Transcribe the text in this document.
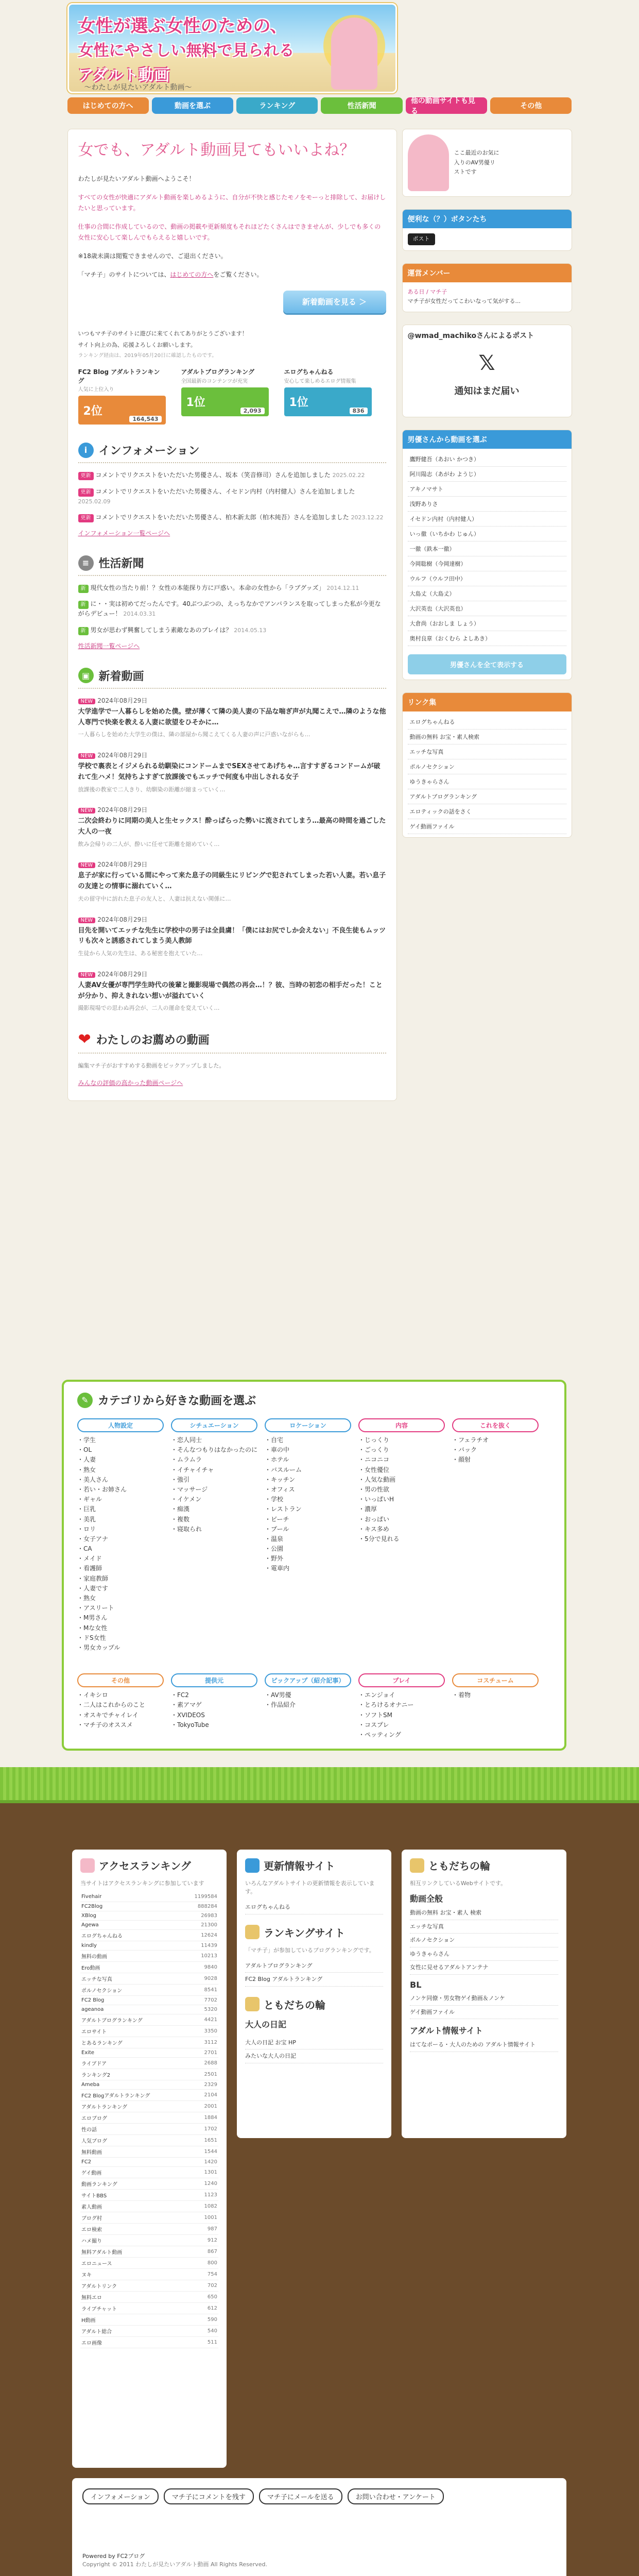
女性が選ぶ女性のための、
女性にやさしい無料で見られる
アダルト動画
〜わたしが見たいアダルト動画〜
はじめての方へ	動画を選ぶ	ランキング	性活新聞
他の動画サイトも見る
その他
女でも、アダルト動画見てもいいよね？

わたしが見たいアダルト動画へようこそ！

すべての女性が快適にアダルト動画を楽しめるように、自分が不快と感じたモノをモーっと排除して、お届けしたいと思っています。

仕事の合間に作成しているので、動画の掲載や更新頻度もそれほどたくさんはできませんが、少しでも多くの女性に安心して楽しんでもらえると嬉しいです。

※18歳未満は閲覧できませんので、ご退出ください。

「マチ子」のサイトについては、はじめての方へをご覧ください。

新着動画を見る ＞

いつもマチ子のサイトに遊びに来てくれてありがとうございます！

サイト向上の為、応援よろしくお願いします。

ランキング経由は、2019年05月20日に確認したものです。

FC2 Blog アダルトランキング
人気に上位入り
2位
164,543
アダルトブログランキング
全国最新のコンテンツが充実
1位
2,093
エログちゃんねる
安心して楽しめるエログ情報集
1位
836
i	インフォメーション
更新 コメントでリクエストをいただいた男優さん、坂本（笑音修司）さんを追加しました 2025.02.22
更新 コメントでリクエストをいただいた男優さん、イセドン内村（内村健人）さんを追加しました 2025.02.09
更新 コメントでリクエストをいただいた男優さん、柏木新太郎（柏木純吾）さんを追加しました 2023.12.22
インフォメーション一覧ページへ
≡ 性活新聞
新 現代女性の当たり前！？女性の本能探り方に戸惑い。本命の女性から「ラブグッズ」 2014.12.11
新 に・・実は初めてだったんです。40ぶつぶつの、えっちなかでアンバランスを取ってしまった私が今更ながらデビュー！ 2014.03.31
新 男女が思わず興奮してしまう素敵なあのプレイは？ 2014.05.13
性活新聞一覧ページへ
▣ 新着動画
NEW 2024年08月29日
大学進学で一人暮らしを始めた僕。壁が薄くて隣の美人妻の下品な喘ぎ声が丸聞こえで…隣のような他人専門で快楽を教える人妻に欲望をひそかに…
一人暮らしを始めた大学生の僕は、隣の部屋から聞こえてくる人妻の声に戸惑いながらも…
NEW 2024年08月29日
学校で裏表とイジメられる幼馴染にコンドームまでSEXさせてあげちゃ…言すすぎるコンドームが破れて生ハメ！気持ちよすぎて放課後でもエッチで何度も中出しされる女子
放課後の教室で二人きり、幼馴染の距離が縮まっていく…
NEW 2024年08月29日
二次会終わりに同期の美人と生セックス！酔っぱらった勢いに流されてしまう…最高の時間を過ごした大人の一夜
飲み会帰りの二人が、酔いに任せて距離を縮めていく…
NEW 2024年08月29日
息子が家に行っている間にやって来た息子の同級生にリビングで犯されてしまった若い人妻。若い息子の友達との情事に溺れていく…
夫の留守中に訪れた息子の友人と、人妻は抗えない関係に…
NEW 2024年08月29日
目先を開いてエッチな先生に学校中の男子は全員虜！「僕にはお尻でしか会えない」不良生徒もムッツリも次々と誘惑されてしまう美人教師
生徒から人気の先生は、ある秘密を抱えていた…
NEW 2024年08月29日
人妻AV女優が専門学生時代の後輩と撮影現場で偶然の再会…！？彼、当時の初恋の相手だった！ことが分かり、抑えきれない想いが溢れていく
撮影現場での思わぬ再会が、二人の運命を変えていく…
❤ わたしのお薦めの動画

編集マチ子がおすすめする動画をピックアップしました。

みんなの評価の高かった動画ページへ
ここ最近のお気に入りのAV男優リストです
便利な（？）ボタンたち
ポスト
運営メンバー
ある日 / マチ子
マチ子が女性だってこわいなって気がする...
@wmad_machikoさんによるポスト
𝕏
通知はまだ届い
男優さんから動画を選ぶ
鷹野健吾（あおい かつき）
阿川陽志（あがわ ようじ）
アキノマサト
浅野ありさ
イセドン内村（内村健人）
いっ徹（いちかわ じゅん）
一徹（鉄本一徹）
今岡聡樹（今岡達樹）
ウルフ（ウルフ田中）
大島丈（大島丈）
大沢英也（大沢英也）
大倉尚（おおしま しょう）
奥村良章（おくむら よしあき）
男優さんを全て表示する
リンク集
エログちゃんねる
動画の無料 お宝・素人検索
エッチな写真
ポルノセクション
ゆうきゃらさん
アダルトブログランキング
エロティックの話をさく
ゲイ動画ファイル
✎ カテゴリから好きな動画を選ぶ
人物設定
・学生
・OL
・人妻
・熟女
・美人さん
・若い・お姉さん
・ギャル
・巨乳
・美乳
・ロリ
・女子アナ
・CA
・メイド
・看護師
・家庭教師
・人妻です
・熟女
・アスリート
・M男さん
・Mな女性
・ドS女性
・男女カップル
シチュエーション
・恋人同士
・そんなつもりはなかったのに
・ムラムラ
・イチャイチャ
・強引
・マッサージ
・イケメン
・痴漢
・複数
・寝取られ
ロケーション
・自宅
・車の中
・ホテル
・バスルーム
・キッチン
・オフィス
・学校
・レストラン
・ビーチ
・プール
・温泉
・公園
・野外
・電車内
内容
・じっくり
・ごっくり
・ニコニコ
・女性優位
・人気な動画
・男の性欲
・いっぱいH
・濃厚
・おっぱい
・キス多め
・5分で見れる
これを抜く
・フェラチオ
・バック
・顔射
その他
・イキシロ
・二人はこれからのこと
・オスキでチャイレイ
・マチ子のオススメ
提供元
・FC2
・素アマゲ
・XVIDEOS
・TokyoTube
ピックアップ（紹介記事）
・AV男優
・作品紹介
プレイ
・エンジョイ
・とろけるオナニー
・ソフトSM
・コスプレ
・ペッティング
コスチューム
・着物
アクセスランキング
当サイトはアクセスランキングに参加しています
Fivehair	1199584
FC2Blog	888284
XBlog	26983
Agewa	21300
エログちゃんねる	12624
kindly	11439
無料の動画	10213
Ero動画	9840
エッチな写真	9028
ポルノセクション	8541
FC2 Blog	7702
ageanoa	5320
アダルトブログランキング	4421
エロサイト	3350
とあるランキング	3112
Exite	2701
ライブドア	2688
ランキング2	2501
Ameba	2329
FC2 Blogアダルトランキング	2104
アダルトランキング	2001
エロブログ	1884
性の話	1702
人気ブログ	1651
無料動画	1544
FC2	1420
ゲイ動画	1301
動画ランキング	1240
サイトBBS	1123
素人動画	1082
ブログ村	1001
エロ検索	987
ハメ撮り	912
無料アダルト動画	867
エロニュース	800
ヌキ	754
アダルトリンク	702
無料エロ	650
ライブチャット	612
H動画	590
アダルト総合	540
エロ画像	511
更新情報サイト
いろんなアダルトサイトの更新情報を表示しています。
エログちゃんねる
ランキングサイト
「マチ子」が参加しているブログランキングです。
アダルトブログランキング
FC2 Blog アダルトランキング
ともだちの輪
大人の日記
大人の日記 お宝 HP
みたいな大人の日記
ともだちの輪
相互リンクしているWebサイトです。
動画全般
動画の無料 お宝・素人 検索
エッチな写真
ポルノセクション
ゆうきゃらさん
女性に見せるアダルトアンテナ
BL
ノンケ同僚・男女物ゲイ動画＆ノンケ
ゲイ動画ファイル
アダルト情報サイト
はてなポーる・大人のための アダルト情報サイト
インフォメーション	マチ子にコメントを残す	マチ子にメールを送る	お問い合わせ・アンケート
Powered by FC2ブログ
Copyright © 2011 わたしが見たいアダルト動画 All Rights Reserved.
